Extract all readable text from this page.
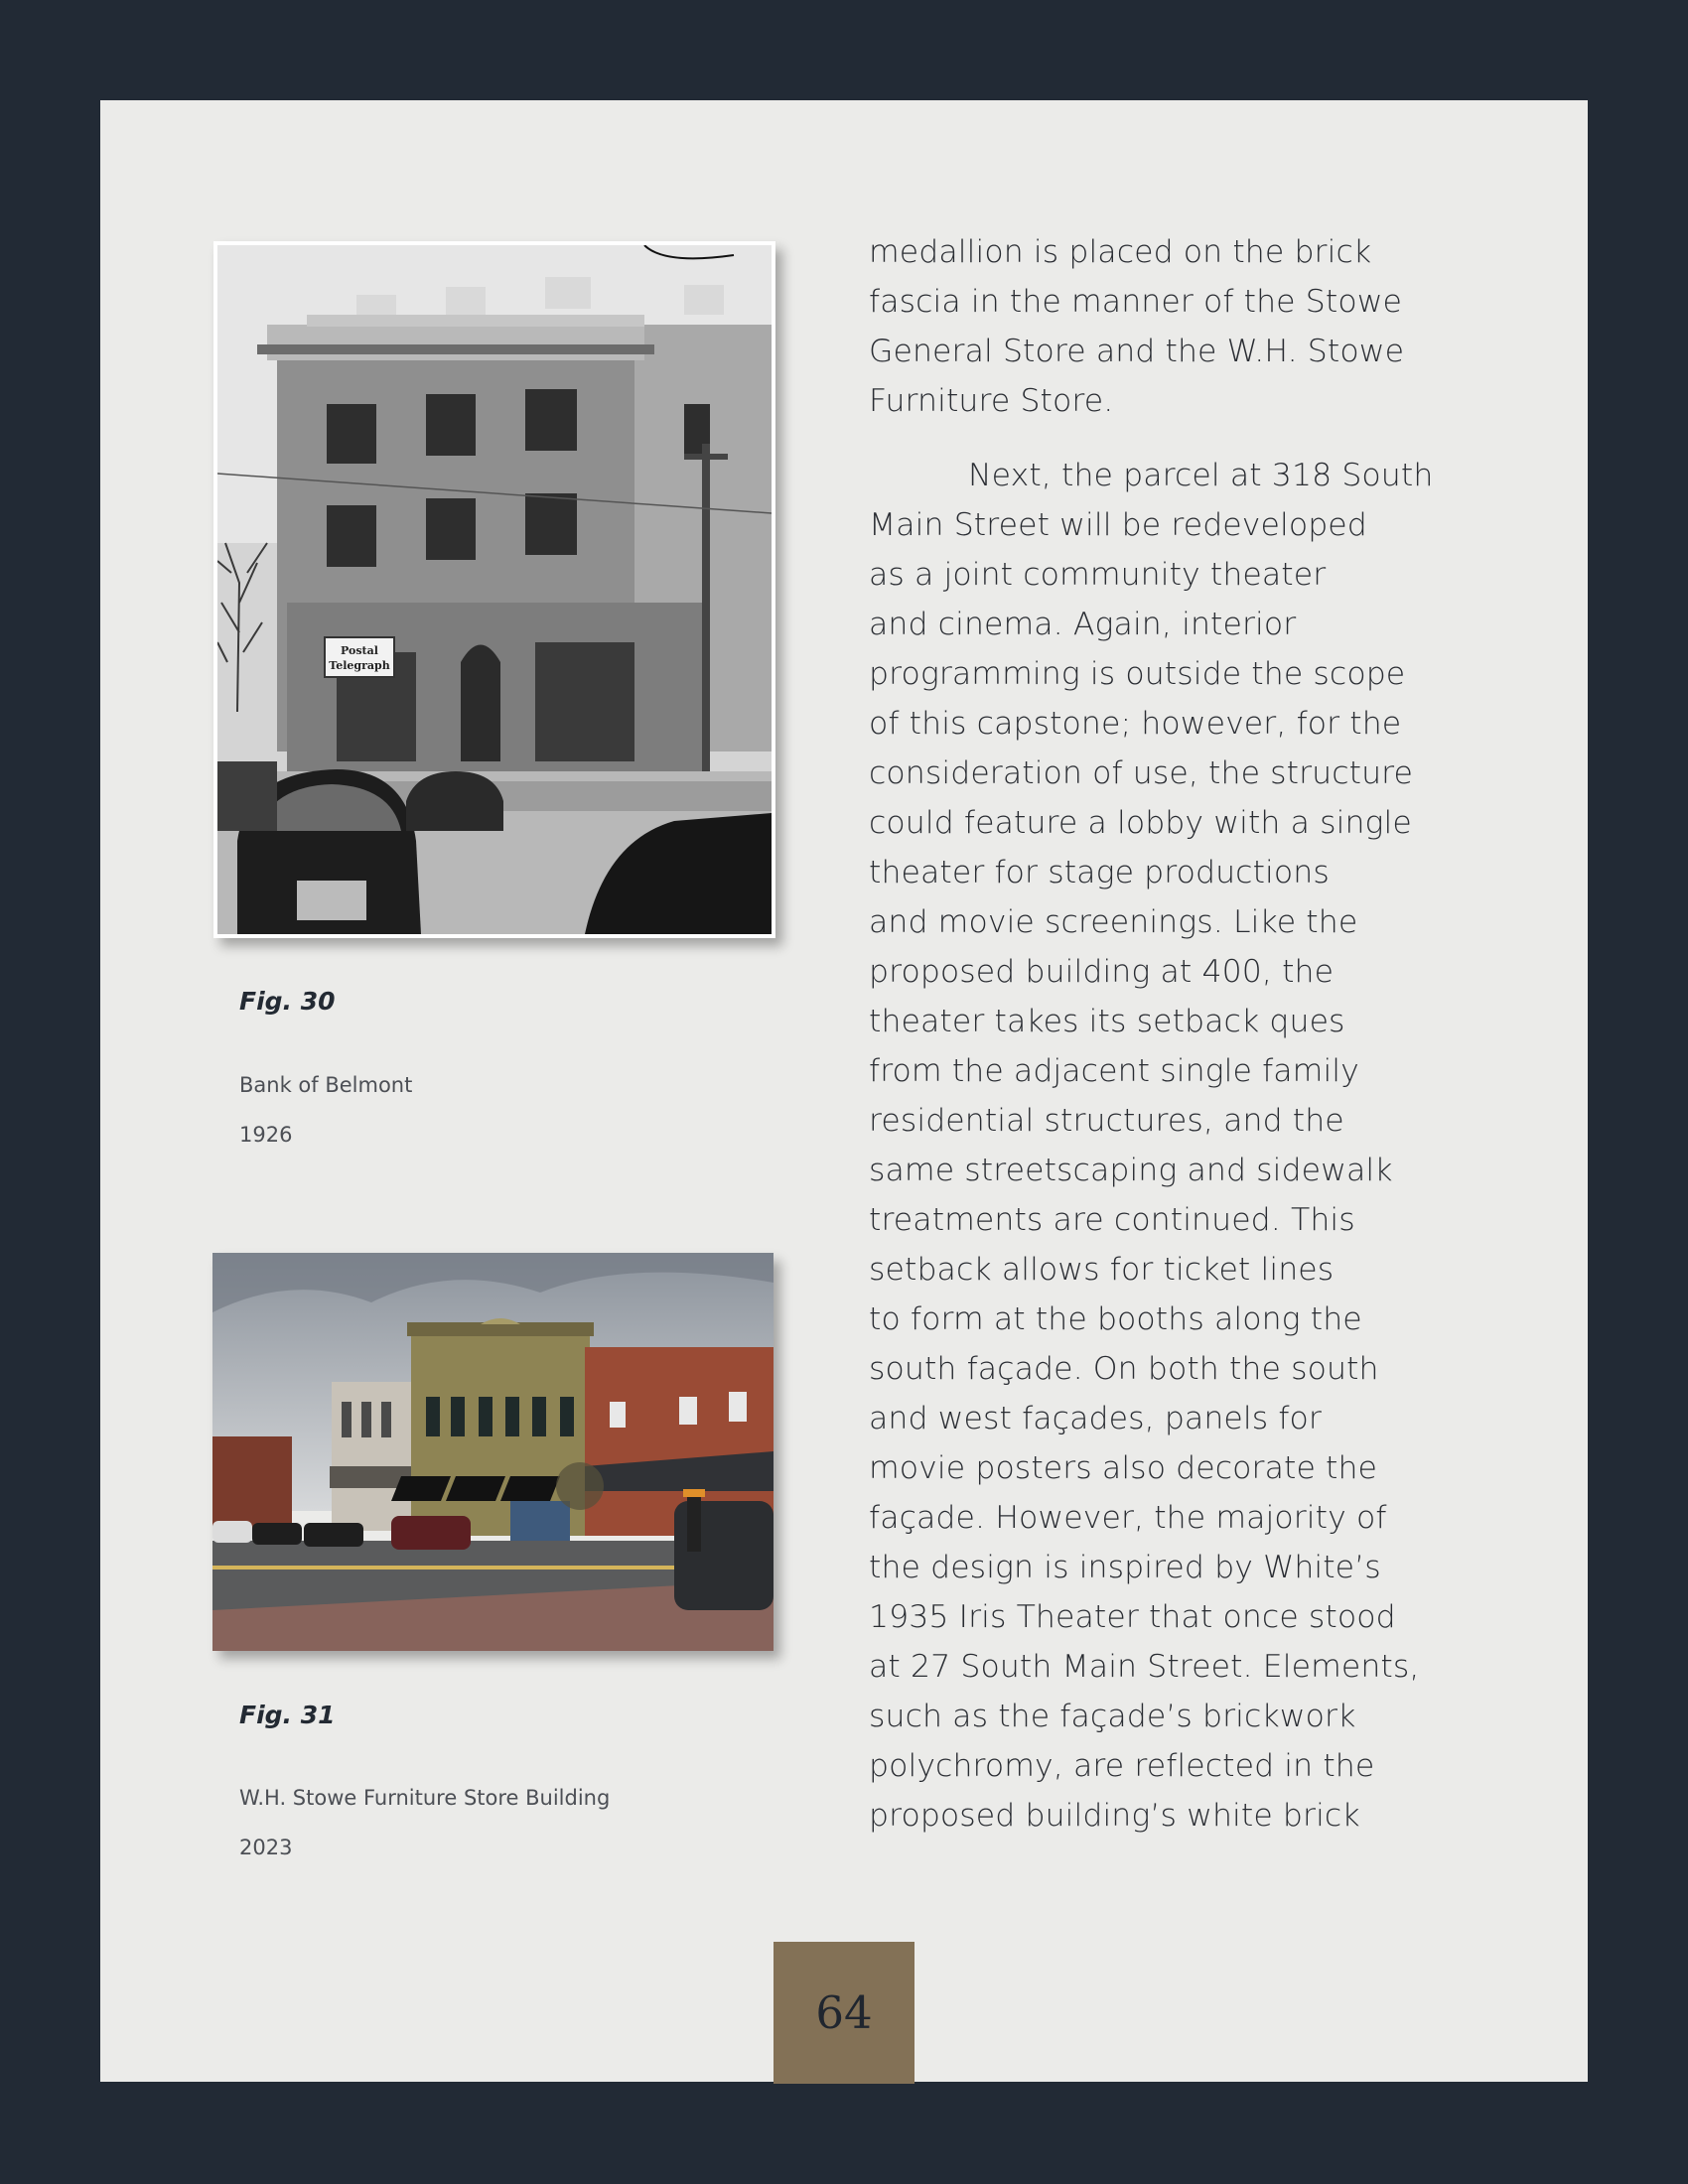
Postal
Telegraph

Fig. 30

Bank of Belmont

1926

Fig. 31

W.H. Stowe Furniture Store Building

2023

medallion is placed on the brick
fascia in the manner of the Stowe
General Store and the W.H. Stowe
Furniture Store.
Next, the parcel at 318 South
Main Street will be redeveloped
as a joint community theater
and cinema. Again, interior
programming is outside the scope
of this capstone; however, for the
consideration of use, the structure
could feature a lobby with a single
theater for stage productions
and movie screenings. Like the
proposed building at 400, the
theater takes its setback ques
from the adjacent single family
residential structures, and the
same streetscaping and sidewalk
treatments are continued. This
setback allows for ticket lines
to form at the booths along the
south façade. On both the south
and west façades, panels for
movie posters also decorate the
façade. However, the majority of
the design is inspired by White’s
1935 Iris Theater that once stood
at 27 South Main Street. Elements,
such as the façade’s brickwork
polychromy, are reflected in the
proposed building’s white brick
64
